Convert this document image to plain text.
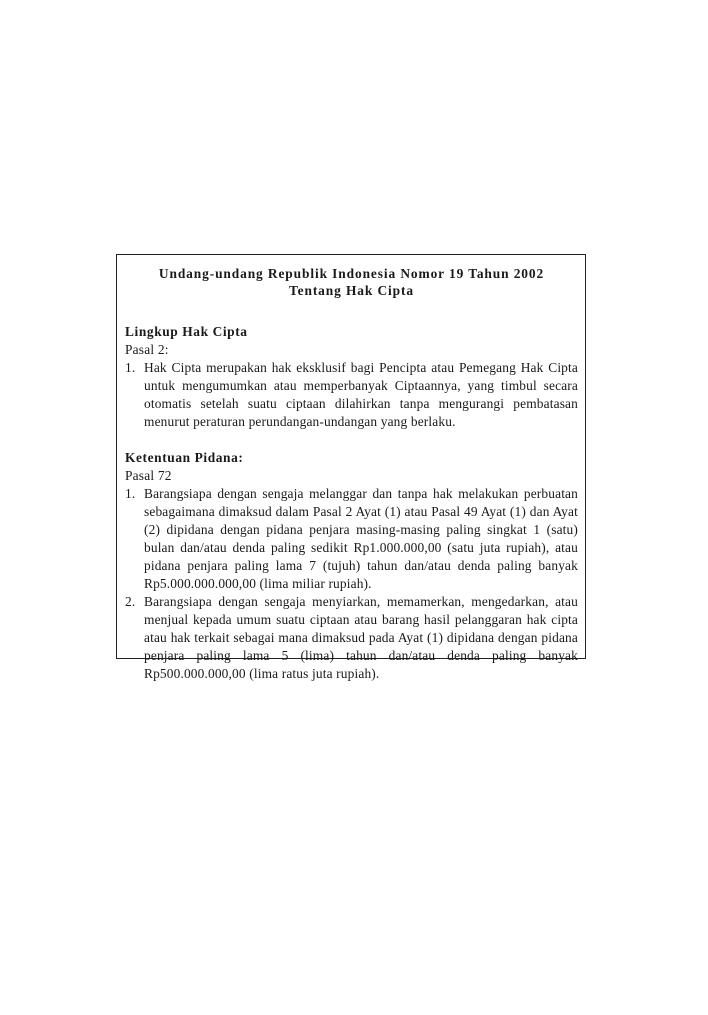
Undang-undang Republik Indonesia Nomor 19 Tahun 2002

Tentang Hak Cipta

Lingkup Hak Cipta

Pasal 2:

1. Hak Cipta merupakan hak eksklusif bagi Pencipta atau Pemegang Hak Cipta untuk mengumumkan atau memperbanyak Ciptaannya, yang timbul secara otomatis setelah suatu ciptaan dilahirkan tanpa mengurangi pembatasan menurut peraturan perundangan-undangan yang berlaku.

Ketentuan Pidana:

Pasal 72

1. Barangsiapa dengan sengaja melanggar dan tanpa hak melakukan perbuatan sebagaimana dimaksud dalam Pasal 2 Ayat (1) atau Pasal 49 Ayat (1) dan Ayat (2) dipidana dengan pidana penjara masing-masing paling singkat 1 (satu) bulan dan/atau denda paling sedikit Rp1.000.000,00 (satu juta rupiah), atau pidana penjara paling lama 7 (tujuh) tahun dan/atau denda paling banyak Rp5.000.000.000,00 (lima miliar rupiah).
2. Barangsiapa dengan sengaja menyiarkan, memamerkan, mengedarkan, atau menjual kepada umum suatu ciptaan atau barang hasil pelanggaran hak cipta atau hak terkait sebagai mana dimaksud pada Ayat (1) dipidana dengan pidana penjara paling lama 5 (lima) tahun dan/atau denda paling banyak Rp500.000.000,00 (lima ratus juta rupiah).
